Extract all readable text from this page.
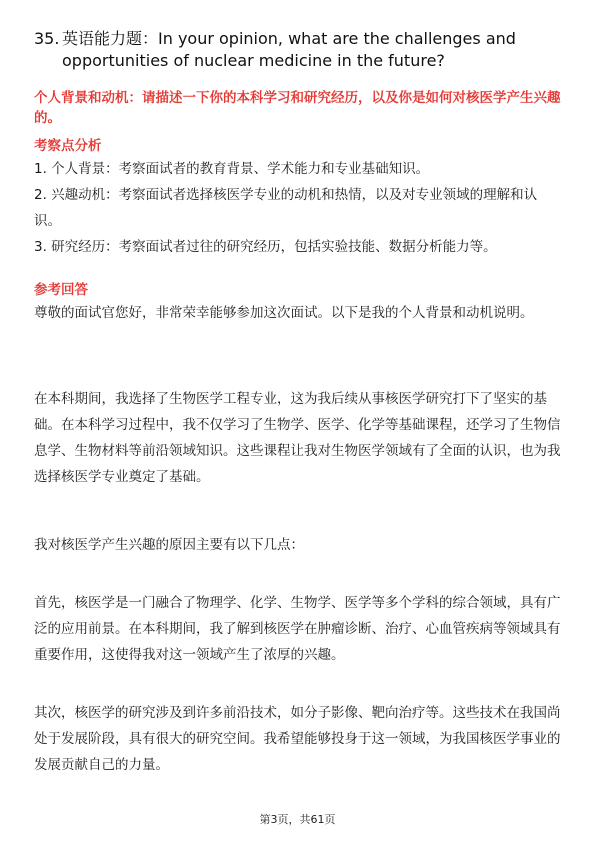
35. 英语能力题：In your opinion, what are the challenges and opportunities of nuclear medicine in the future?
个人背景和动机：请描述一下你的本科学习和研究经历，以及你是如何对核医学产生兴趣的。
考察点分析
1. 个人背景：考察面试者的教育背景、学术能力和专业基础知识。
2. 兴趣动机：考察面试者选择核医学专业的动机和热情，以及对专业领域的理解和认识。
3. 研究经历：考察面试者过往的研究经历，包括实验技能、数据分析能力等。
参考回答
尊敬的面试官您好，非常荣幸能够参加这次面试。以下是我的个人背景和动机说明。
在本科期间，我选择了生物医学工程专业，这为我后续从事核医学研究打下了坚实的基础。在本科学习过程中，我不仅学习了生物学、医学、化学等基础课程，还学习了生物信息学、生物材料等前沿领域知识。这些课程让我对生物医学领域有了全面的认识，也为我选择核医学专业奠定了基础。
我对核医学产生兴趣的原因主要有以下几点：
首先，核医学是一门融合了物理学、化学、生物学、医学等多个学科的综合领域，具有广泛的应用前景。在本科期间，我了解到核医学在肿瘤诊断、治疗、心血管疾病等领域具有重要作用，这使得我对这一领域产生了浓厚的兴趣。
其次，核医学的研究涉及到许多前沿技术，如分子影像、靶向治疗等。这些技术在我国尚处于发展阶段，具有很大的研究空间。我希望能够投身于这一领域，为我国核医学事业的发展贡献自己的力量。
第3页，共61页
